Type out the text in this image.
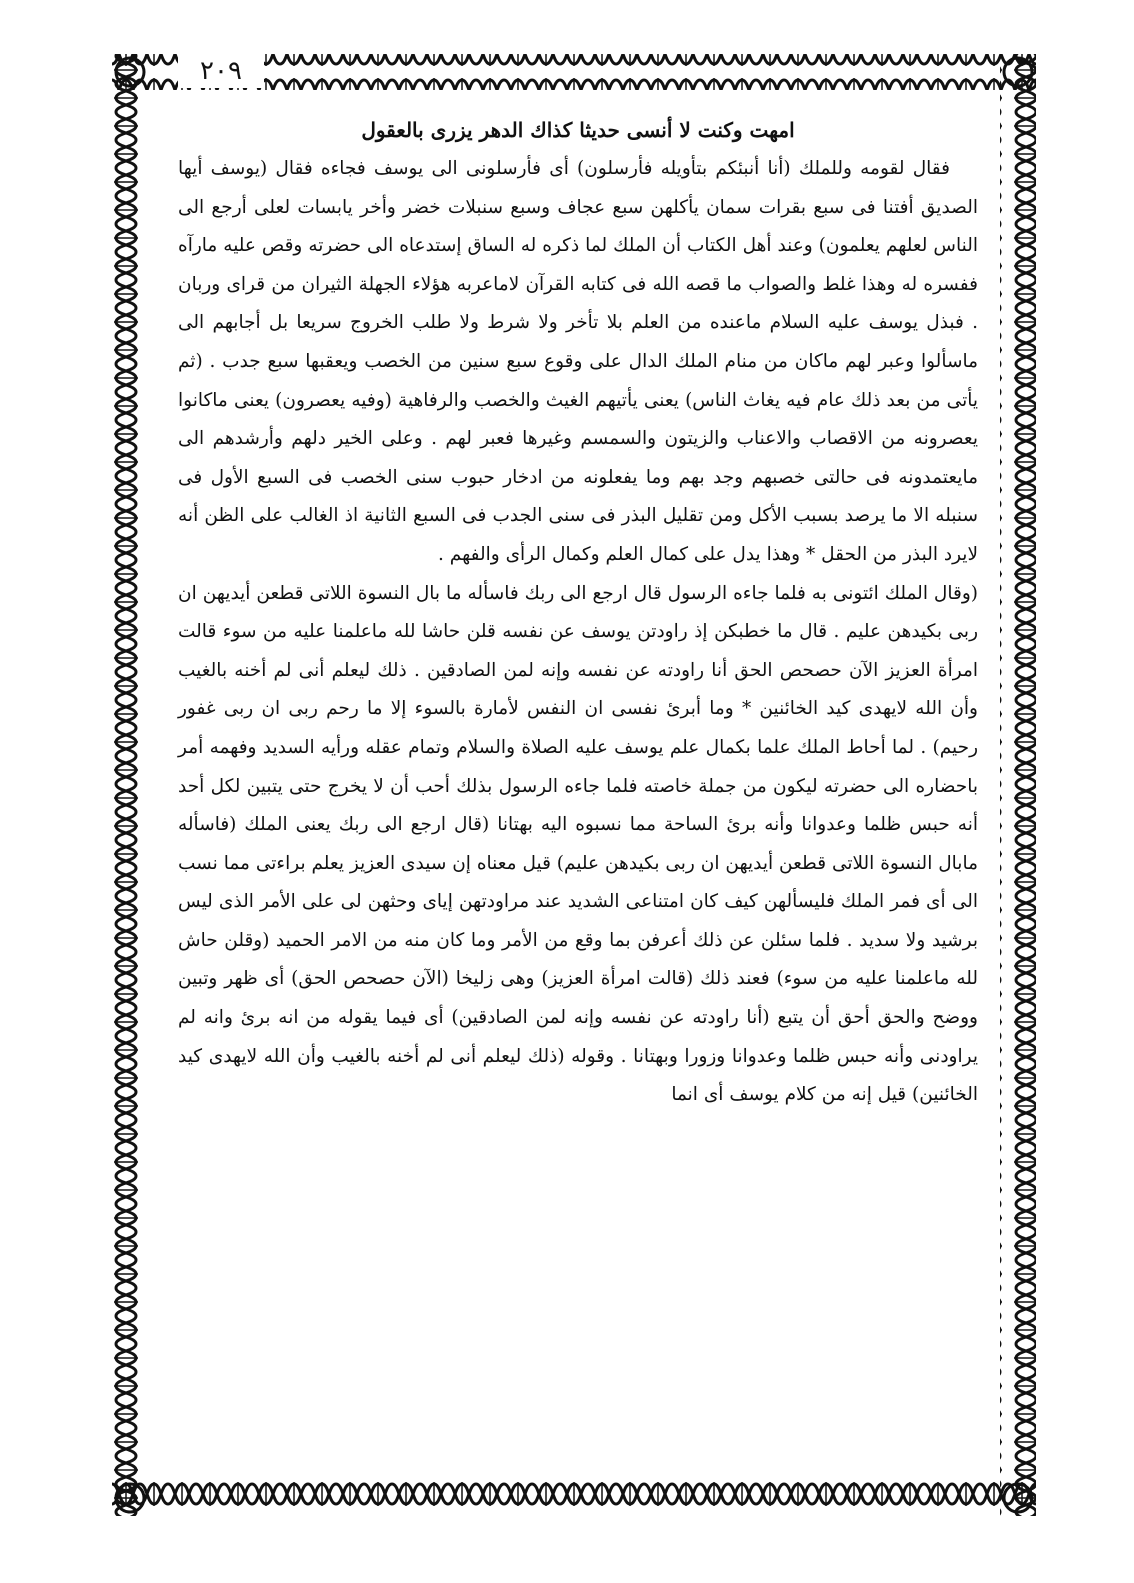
٢٠٩

امهت وكنت لا أنسى حديثا كذاك الدهر يزرى بالعقول

فقال لقومه وللملك (أنا أنبئكم بتأويله فأرسلون) أى فأرسلونى الى يوسف فجاءه فقال (يوسف أيها الصديق أفتنا فى سبع بقرات سمان يأكلهن سبع عجاف وسبع سنبلات خضر وأخر يابسات لعلى أرجع الى الناس لعلهم يعلمون) وعند أهل الكتاب أن الملك لما ذكره له الساق إستدعاه الى حضرته وقص عليه مارآه ففسره له وهذا غلط والصواب ما قصه الله فى كتابه القرآن لاماعربه هؤلاء الجهلة الثيران من قراى وربان . فبذل يوسف عليه السلام ماعنده من العلم بلا تأخر ولا شرط ولا طلب الخروج سريعا بل أجابهم الى ماسألوا وعبر لهم ماكان من منام الملك الدال على وقوع سبع سنين من الخصب ويعقبها سبع جدب . (ثم يأتى من بعد ذلك عام فيه يغاث الناس) يعنى يأتيهم الغيث والخصب والرفاهية (وفيه يعصرون) يعنى ماكانوا يعصرونه من الاقصاب والاعناب والزيتون والسمسم وغيرها فعبر لهم . وعلى الخير دلهم وأرشدهم الى مايعتمدونه فى حالتى خصبهم وجد بهم وما يفعلونه من ادخار حبوب سنى الخصب فى السبع الأول فى سنبله الا ما يرصد بسبب الأكل ومن تقليل البذر فى سنى الجدب فى السبع الثانية اذ الغالب على الظن أنه لايرد البذر من الحقل * وهذا يدل على كمال العلم وكمال الرأى والفهم .

(وقال الملك ائتونى به فلما جاءه الرسول قال ارجع الى ربك فاسأله ما بال النسوة اللاتى قطعن أيديهن ان ربى بكيدهن عليم . قال ما خطبكن إذ راودتن يوسف عن نفسه قلن حاشا لله ماعلمنا عليه من سوء قالت امرأة العزيز الآن حصحص الحق أنا راودته عن نفسه وإنه لمن الصادقين . ذلك ليعلم أنى لم أخنه بالغيب وأن الله لايهدى كيد الخائنين * وما أبرئ نفسى ان النفس لأمارة بالسوء إلا ما رحم ربى ان ربى غفور رحيم) . لما أحاط الملك علما بكمال علم يوسف عليه الصلاة والسلام وتمام عقله ورأيه السديد وفهمه أمر باحضاره الى حضرته ليكون من جملة خاصته فلما جاءه الرسول بذلك أحب أن لا يخرج حتى يتبين لكل أحد أنه حبس ظلما وعدوانا وأنه برئ الساحة مما نسبوه اليه بهتانا (قال ارجع الى ربك يعنى الملك (فاسأله مابال النسوة اللاتى قطعن أيديهن ان ربى بكيدهن عليم) قيل معناه إن سيدى العزيز يعلم براءتى مما نسب الى أى فمر الملك فليسألهن كيف كان امتناعى الشديد عند مراودتهن إياى وحثهن لى على الأمر الذى ليس برشيد ولا سديد . فلما سئلن عن ذلك أعرفن بما وقع من الأمر وما كان منه من الامر الحميد (وقلن حاش لله ماعلمنا عليه من سوء) فعند ذلك (قالت امرأة العزيز) وهى زليخا (الآن حصحص الحق) أى ظهر وتبين ووضح والحق أحق أن يتبع (أنا راودته عن نفسه وإنه لمن الصادقين) أى فيما يقوله من انه برئ وانه لم يراودنى وأنه حبس ظلما وعدوانا وزورا وبهتانا . وقوله (ذلك ليعلم أنى لم أخنه بالغيب وأن الله لايهدى كيد الخائنين) قيل إنه من كلام يوسف أى انما
